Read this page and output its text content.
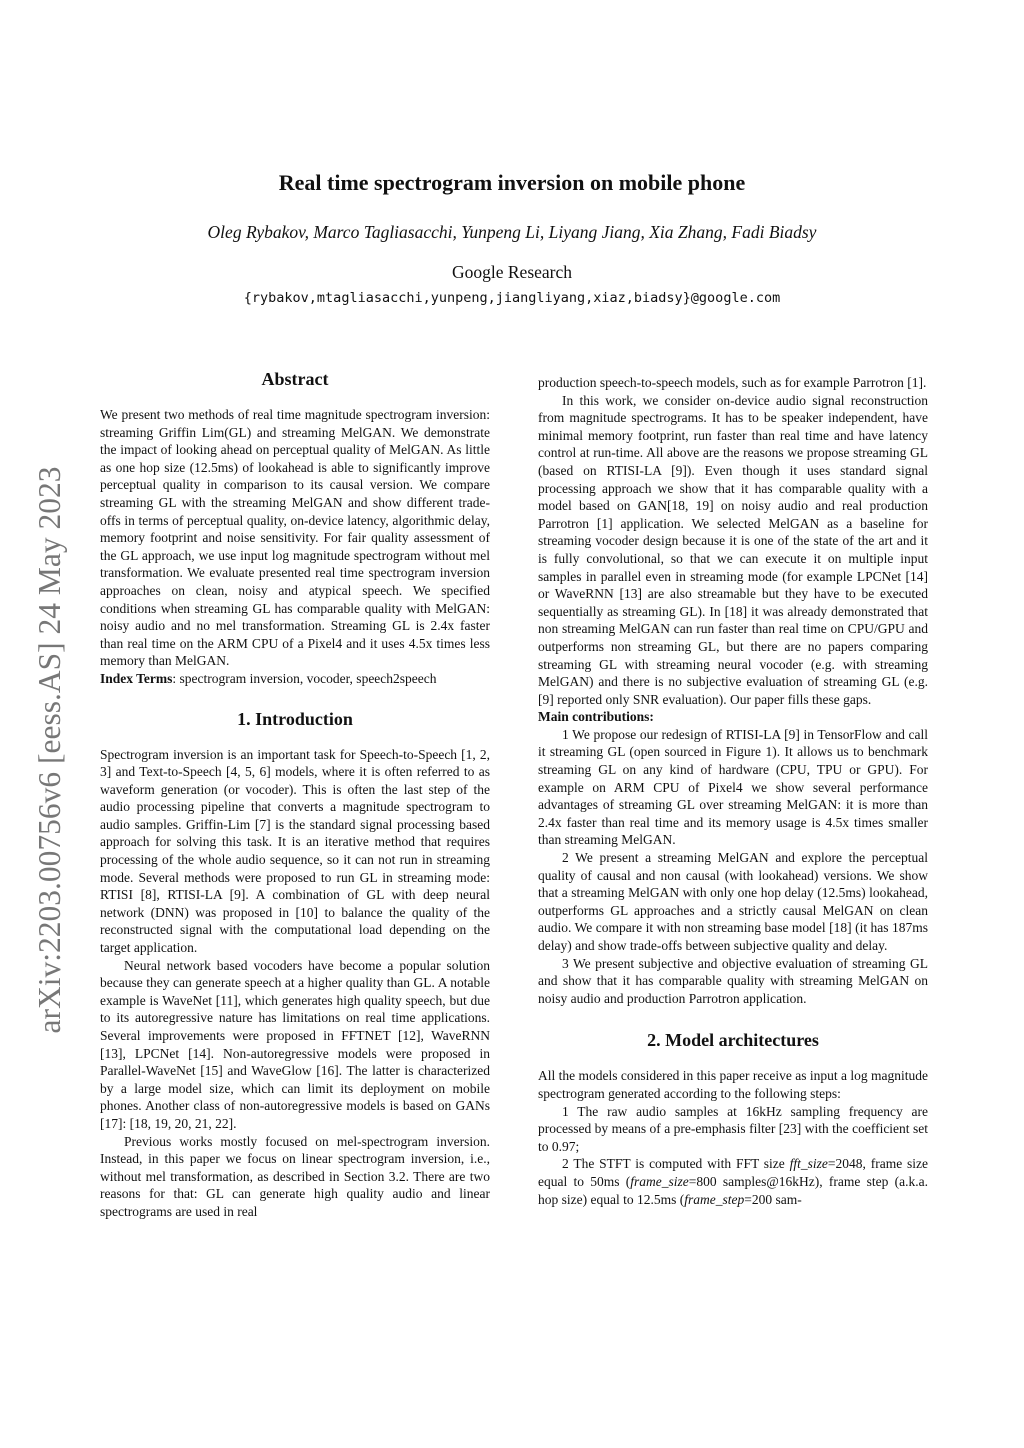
arXiv:2203.00756v6 [eess.AS] 24 May 2023
Real time spectrogram inversion on mobile phone
Oleg Rybakov, Marco Tagliasacchi, Yunpeng Li, Liyang Jiang, Xia Zhang, Fadi Biadsy
Google Research
{rybakov,mtagliasacchi,yunpeng,jiangliyang,xiaz,biadsy}@google.com
Abstract

We present two methods of real time magnitude spectrogram inversion: streaming Griffin Lim(GL) and streaming MelGAN. We demonstrate the impact of looking ahead on perceptual quality of MelGAN. As little as one hop size (12.5ms) of lookahead is able to significantly improve perceptual quality in comparison to its causal version. We compare streaming GL with the streaming MelGAN and show different trade-offs in terms of perceptual quality, on-device latency, algorithmic delay, memory footprint and noise sensitivity. For fair quality assessment of the GL approach, we use input log magnitude spectrogram without mel transformation. We evaluate presented real time spectrogram inversion approaches on clean, noisy and atypical speech. We specified conditions when streaming GL has comparable quality with MelGAN: noisy audio and no mel transformation. Streaming GL is 2.4x faster than real time on the ARM CPU of a Pixel4 and it uses 4.5x times less memory than MelGAN.

Index Terms: spectrogram inversion, vocoder, speech2speech

1. Introduction

Spectrogram inversion is an important task for Speech-to-Speech [1, 2, 3] and Text-to-Speech [4, 5, 6] models, where it is often referred to as waveform generation (or vocoder). This is often the last step of the audio processing pipeline that converts a magnitude spectrogram to audio samples. Griffin-Lim [7] is the standard signal processing based approach for solving this task. It is an iterative method that requires processing of the whole audio sequence, so it can not run in streaming mode. Several methods were proposed to run GL in streaming mode: RTISI [8], RTISI-LA [9]. A combination of GL with deep neural network (DNN) was proposed in [10] to balance the quality of the reconstructed signal with the computational load depending on the target application.

Neural network based vocoders have become a popular solution because they can generate speech at a higher quality than GL. A notable example is WaveNet [11], which generates high quality speech, but due to its autoregressive nature has limitations on real time applications. Several improvements were proposed in FFTNET [12], WaveRNN [13], LPCNet [14]. Non-autoregressive models were proposed in Parallel-WaveNet [15] and WaveGlow [16]. The latter is characterized by a large model size, which can limit its deployment on mobile phones. Another class of non-autoregressive models is based on GANs [17]: [18, 19, 20, 21, 22].

Previous works mostly focused on mel-spectrogram inversion. Instead, in this paper we focus on linear spectrogram inversion, i.e., without mel transformation, as described in Section 3.2. There are two reasons for that: GL can generate high quality audio and linear spectrograms are used in real

production speech-to-speech models, such as for example Parrotron [1].

In this work, we consider on-device audio signal reconstruction from magnitude spectrograms. It has to be speaker independent, have minimal memory footprint, run faster than real time and have latency control at run-time. All above are the reasons we propose streaming GL (based on RTISI-LA [9]). Even though it uses standard signal processing approach we show that it has comparable quality with a model based on GAN[18, 19] on noisy audio and real production Parrotron [1] application. We selected MelGAN as a baseline for streaming vocoder design because it is one of the state of the art and it is fully convolutional, so that we can execute it on multiple input samples in parallel even in streaming mode (for example LPCNet [14] or WaveRNN [13] are also streamable but they have to be executed sequentially as streaming GL). In [18] it was already demonstrated that non streaming MelGAN can run faster than real time on CPU/GPU and outperforms non streaming GL, but there are no papers comparing streaming GL with streaming neural vocoder (e.g. with streaming MelGAN) and there is no subjective evaluation of streaming GL (e.g. [9] reported only SNR evaluation). Our paper fills these gaps.

Main contributions:

1 We propose our redesign of RTISI-LA [9] in TensorFlow and call it streaming GL (open sourced in Figure 1). It allows us to benchmark streaming GL on any kind of hardware (CPU, TPU or GPU). For example on ARM CPU of Pixel4 we show several performance advantages of streaming GL over streaming MelGAN: it is more than 2.4x faster than real time and its memory usage is 4.5x times smaller than streaming MelGAN.

2 We present a streaming MelGAN and explore the perceptual quality of causal and non causal (with lookahead) versions. We show that a streaming MelGAN with only one hop delay (12.5ms) lookahead, outperforms GL approaches and a strictly causal MelGAN on clean audio. We compare it with non streaming base model [18] (it has 187ms delay) and show trade-offs between subjective quality and delay.

3 We present subjective and objective evaluation of streaming GL and show that it has comparable quality with streaming MelGAN on noisy audio and production Parrotron application.

2. Model architectures

All the models considered in this paper receive as input a log magnitude spectrogram generated according to the following steps:

1 The raw audio samples at 16kHz sampling frequency are processed by means of a pre-emphasis filter [23] with the coefficient set to 0.97;

2 The STFT is computed with FFT size fft_size=2048, frame size equal to 50ms (frame_size=800 samples@16kHz), frame step (a.k.a. hop size) equal to 12.5ms (frame_step=200 sam-
